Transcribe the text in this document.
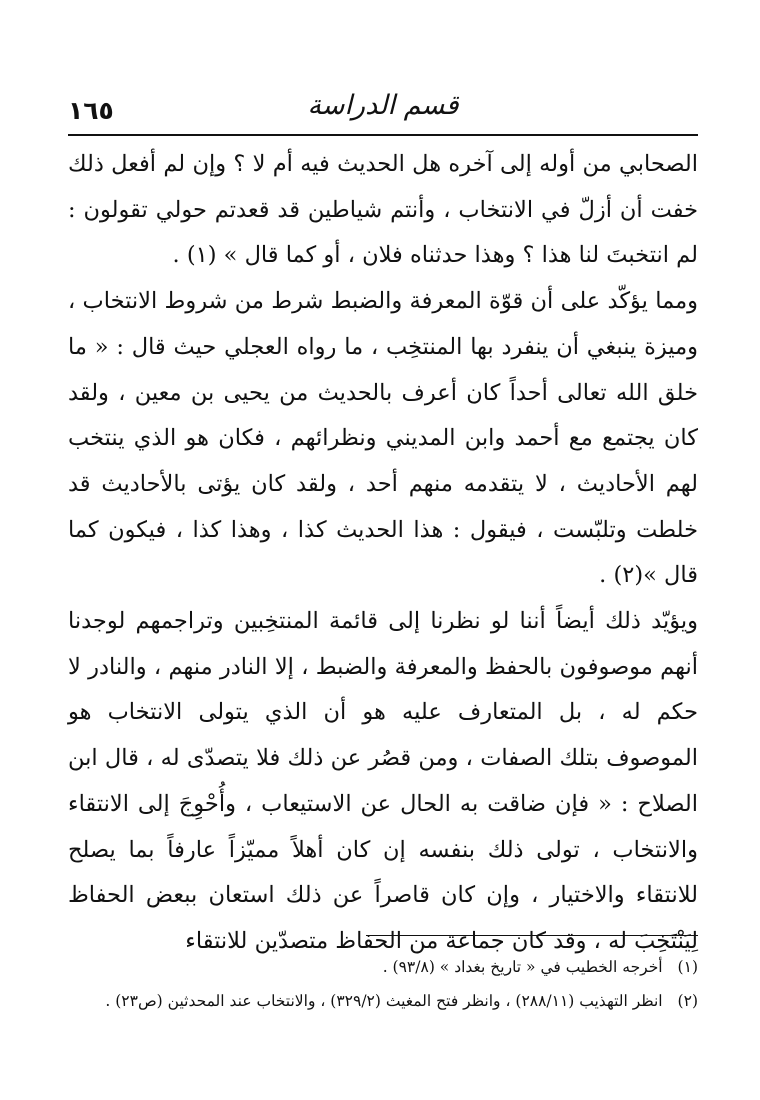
١٦٥	قسم الدراسة

الصحابي من أوله إلى آخره هل الحديث فيه أم لا ؟ وإن لم أفعل ذلك خفت أن أزلّ في الانتخاب ، وأنتم شياطين قد قعدتم حولي تقولون : لم انتخبتَ لنا هذا ؟ وهذا حدثناه فلان ، أو كما قال » (١) .

ومما يؤكّد على أن قوّة المعرفة والضبط شرط من شروط الانتخاب ، وميزة ينبغي أن ينفرد بها المنتخِب ، ما رواه العجلي حيث قال : « ما خلق الله تعالى أحداً كان أعرف بالحديث من يحيى بن معين ، ولقد كان يجتمع مع أحمد وابن المديني ونظرائهم ، فكان هو الذي ينتخب لهم الأحاديث ، لا يتقدمه منهم أحد ، ولقد كان يؤتى بالأحاديث قد خلطت وتلبّست ، فيقول : هذا الحديث كذا ، وهذا كذا ، فيكون كما قال »(٢) .

ويؤيّد ذلك أيضاً أننا لو نظرنا إلى قائمة المنتخِبين وتراجمهم لوجدنا أنهم موصوفون بالحفظ والمعرفة والضبط ، إلا النادر منهم ، والنادر لا حكم له ، بل المتعارف عليه هو أن الذي يتولى الانتخاب هو الموصوف بتلك الصفات ، ومن قصُر عن ذلك فلا يتصدّى له ، قال ابن الصلاح : « فإن ضاقت به الحال عن الاستيعاب ، وأُحْوِجَ إلى الانتقاء والانتخاب ، تولى ذلك بنفسه إن كان أهلاً مميّزاً عارفاً بما يصلح للانتقاء والاختيار ، وإن كان قاصراً عن ذلك استعان ببعض الحفاظ لِيَنْتَخِبَ له ، وقد كان جماعة من الحفاظ متصدّين للانتقاء

(١) أخرجه الخطيب في « تاريخ بغداد » (٩٣/٨) .

(٢) انظر التهذيب (٢٨٨/١١) ، وانظر فتح المغيث (٣٢٩/٢) ، والانتخاب عند المحدثين (ص٢٣) .
